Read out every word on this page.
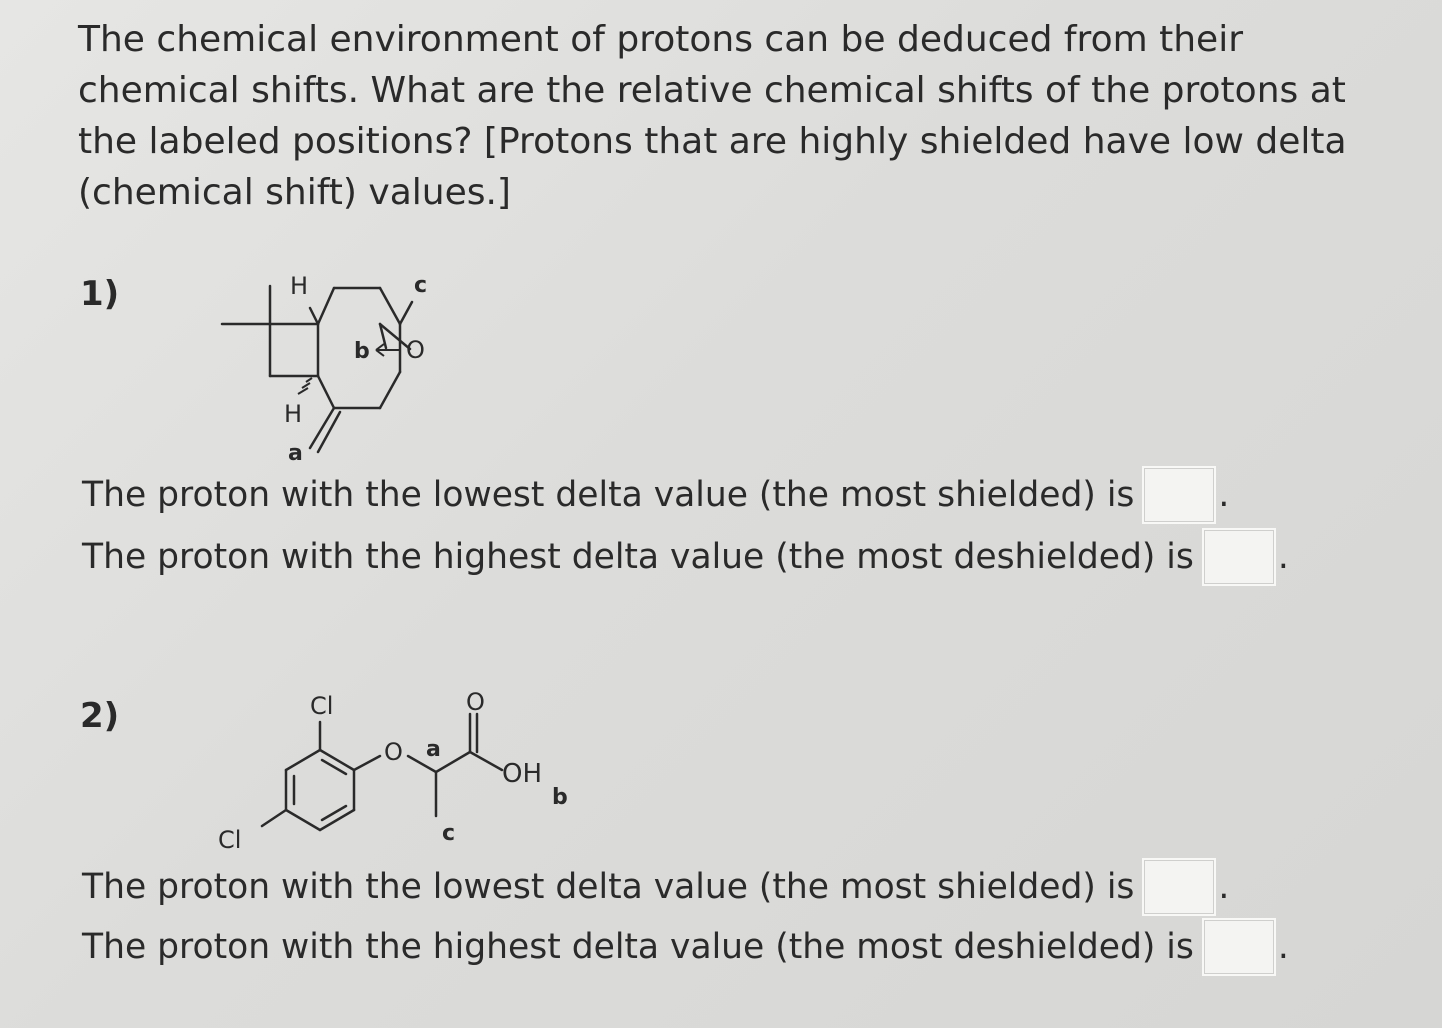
The chemical environment of protons can be deduced from their chemical shifts. What are the relative chemical shifts of the protons at the labeled positions? [Protons that are highly shielded have low delta (chemical shift) values.]

1)	H
H
a
b
c
O
The proton with the lowest delta value (the most shielded) is .
The proton with the highest delta value (the most deshielded) is .
2)	Cl
Cl
O
O
OH
a
b
c
The proton with the lowest delta value (the most shielded) is .
The proton with the highest delta value (the most deshielded) is .
